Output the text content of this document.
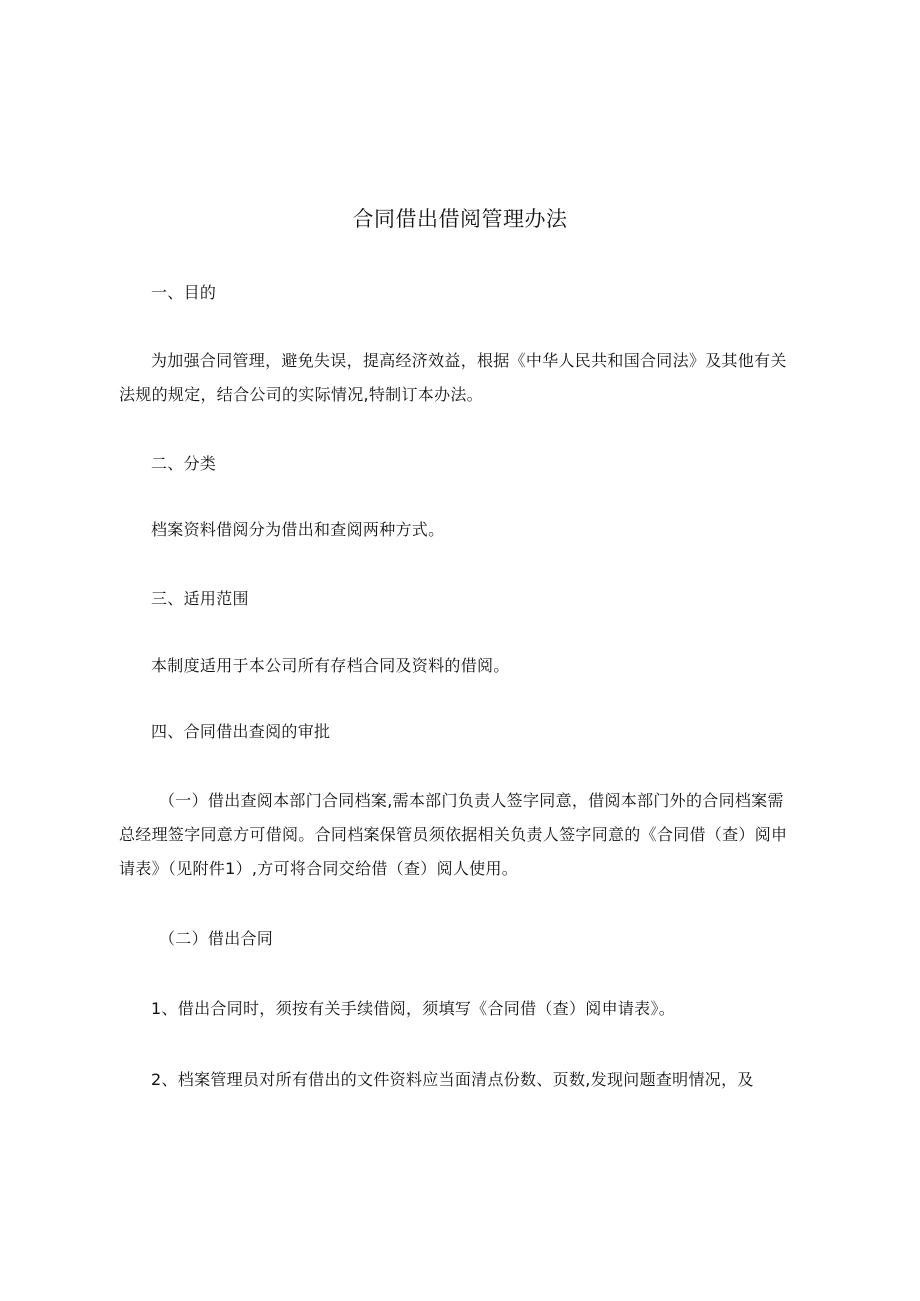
合同借出借阅管理办法
一、目的
为加强合同管理，避免失误，提高经济效益，根据《中华人民共和国合同法》及其他有关
法规的规定，结合公司的实际情况,特制订本办法。
二、分类
档案资料借阅分为借出和查阅两种方式。
三、适用范围
本制度适用于本公司所有存档合同及资料的借阅。
四、合同借出查阅的审批
（一）借出查阅本部门合同档案,需本部门负责人签字同意，借阅本部门外的合同档案需
总经理签字同意方可借阅。合同档案保管员须依据相关负责人签字同意的《合同借（查）阅申
请表》（见附件1）,方可将合同交给借（查）阅人使用。
（二）借出合同
1、借出合同时，须按有关手续借阅，须填写《合同借（查）阅申请表》。
2、档案管理员对所有借出的文件资料应当面清点份数、页数,发现问题查明情况，及
